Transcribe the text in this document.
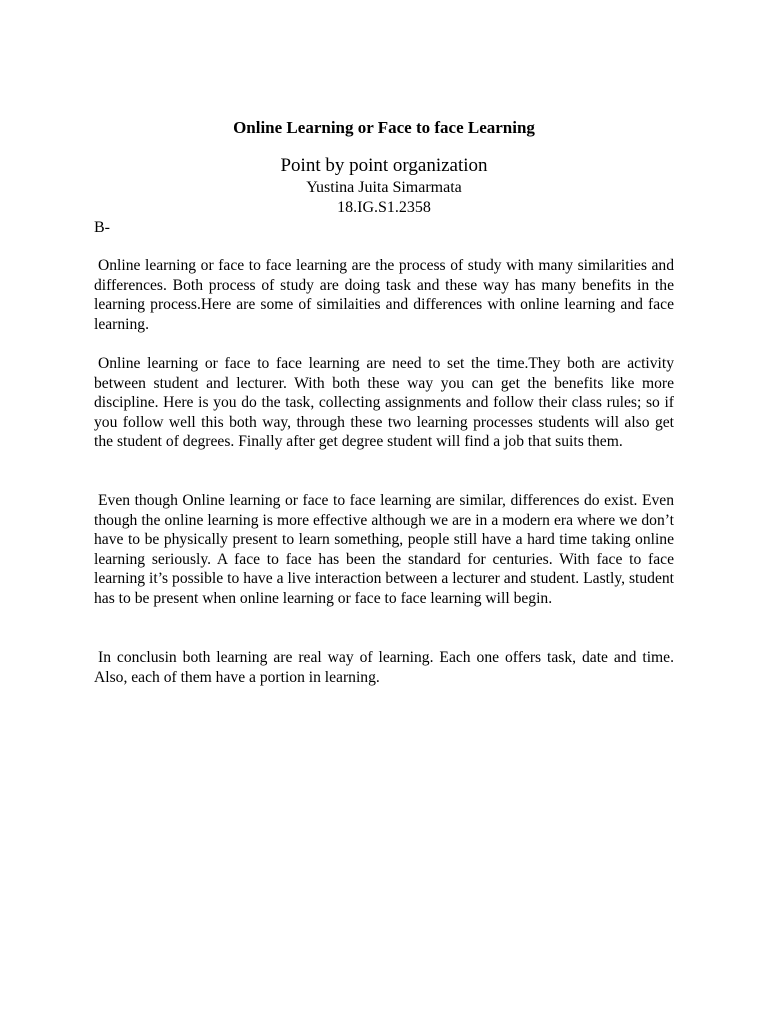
Online Learning or Face to face Learning
Point by point organization
Yustina Juita Simarmata
18.IG.S1.2358
B-

Online learning or face to face learning are the process of study with many similarities and differences. Both process of study are doing task and these way has many benefits in the learning process.Here are some of similaities and differences with online learning and face learning.

Online learning or face to face learning are need to set the time.They both are activity between student and lecturer. With both these way you can get the benefits like more discipline. Here is you do the task, collecting assignments and follow their class rules; so if you follow well this both way, through these two learning processes students will also get the student of degrees. Finally after get degree student will find a job that suits them.

Even though Online learning or face to face learning are similar, differences do exist. Even though the online learning is more effective although we are in a modern era where we don’t have to be physically present to learn something, people still have a hard time taking online learning seriously. A face to face has been the standard for centuries. With face to face learning it’s possible to have a live interaction between a lecturer and student. Lastly, student has to be present when online learning or face to face learning will begin.

In conclusin both learning are real way of learning. Each one offers task, date and time. Also, each of them have a portion in learning.
